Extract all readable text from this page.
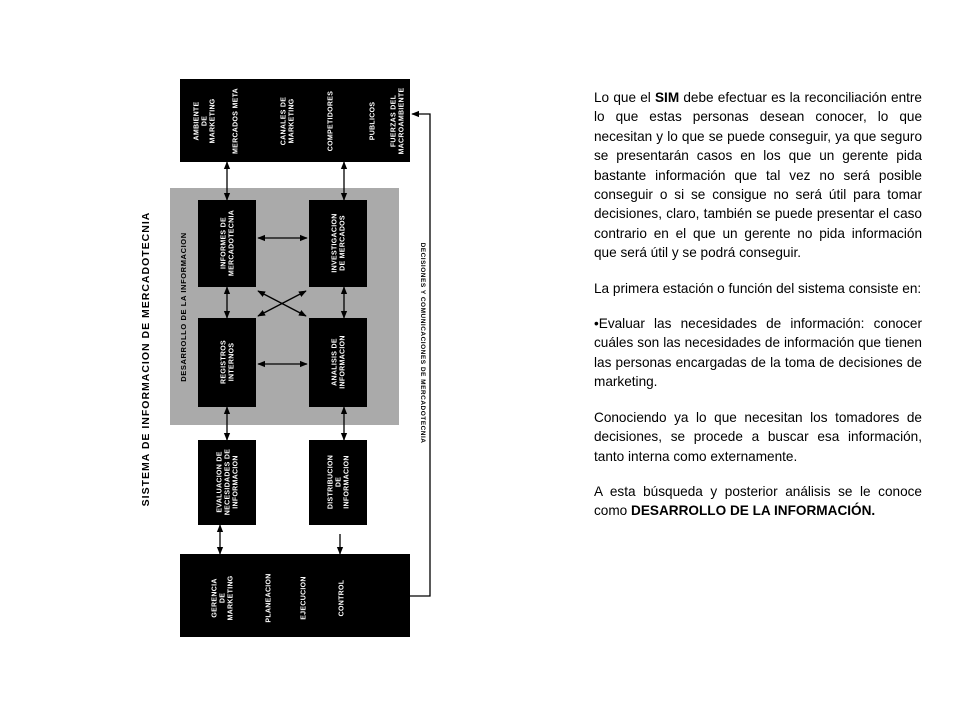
SISTEMA DE INFORMACION DE MERCADOTECNIA	DESARROLLO DE LA INFORMACION	DECISIONES Y COMUNICACIONES DE MERCADOTECNIA
AMBIENTE DE MARKETING MERCADOS META	CANALES DE MARKETING	COMPETIDORES	PUBLICOS FUERZAS DEL MACROAMBIENTE
INFORMES DE MERCADOTECNIA	INVESTIGACION DE MERCADOS
REGISTROS INTERNOS	ANALISIS DE INFORMACION
EVALUACION DE NECESIDADES DE INFORMACION	DISTRIBUCION DE INFORMACION
GERENCIA DE MARKETING	PLANEACION	EJECUCION	CONTROL

Lo que el SIM debe efectuar es la reconciliación entre lo que estas personas desean conocer, lo que necesitan y lo que se puede conseguir, ya que seguro se presentarán casos en los que un gerente pida bastante información que tal vez no será posible conseguir o si se consigue no será útil para tomar decisiones, claro, también se puede presentar el caso contrario en el que un gerente no pida información que será útil y se podrá conseguir.

La primera estación o función del sistema consiste en:

•Evaluar las necesidades de información: conocer cuáles son las necesidades de información que tienen las personas encargadas de la toma de decisiones de marketing.

Conociendo ya lo que necesitan los tomadores de decisiones, se procede a buscar esa información, tanto interna como externamente.

A esta búsqueda y posterior análisis se le conoce como DESARROLLO DE LA INFORMACIÓN.
